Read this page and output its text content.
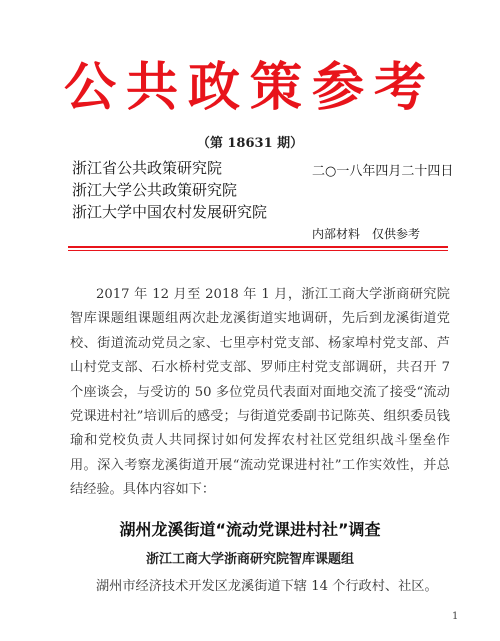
公共政策参考
（第 18631 期）
浙江省公共政策研究院
浙江大学公共政策研究院
浙江大学中国农村发展研究院
二○一八年四月二十四日
内部材料　仅供参考

2017 年 12 月至 2018 年 1 月，浙江工商大学浙商研究院智库课题组课题组两次赴龙溪街道实地调研，先后到龙溪街道党校、街道流动党员之家、七里亭村党支部、杨家埠村党支部、芦山村党支部、石水桥村党支部、罗师庄村党支部调研，共召开 7 个座谈会，与受访的 50 多位党员代表面对面地交流了接受“流动党课进村社”培训后的感受；与街道党委副书记陈英、组织委员钱瑜和党校负责人共同探讨如何发挥农村社区党组织战斗堡垒作用。深入考察龙溪街道开展“流动党课进村社”工作实效性，并总结经验。具体内容如下：

湖州龙溪街道“流动党课进村社”调查
浙江工商大学浙商研究院智库课题组
湖州市经济技术开发区龙溪街道下辖 14 个行政村、社区。
1
